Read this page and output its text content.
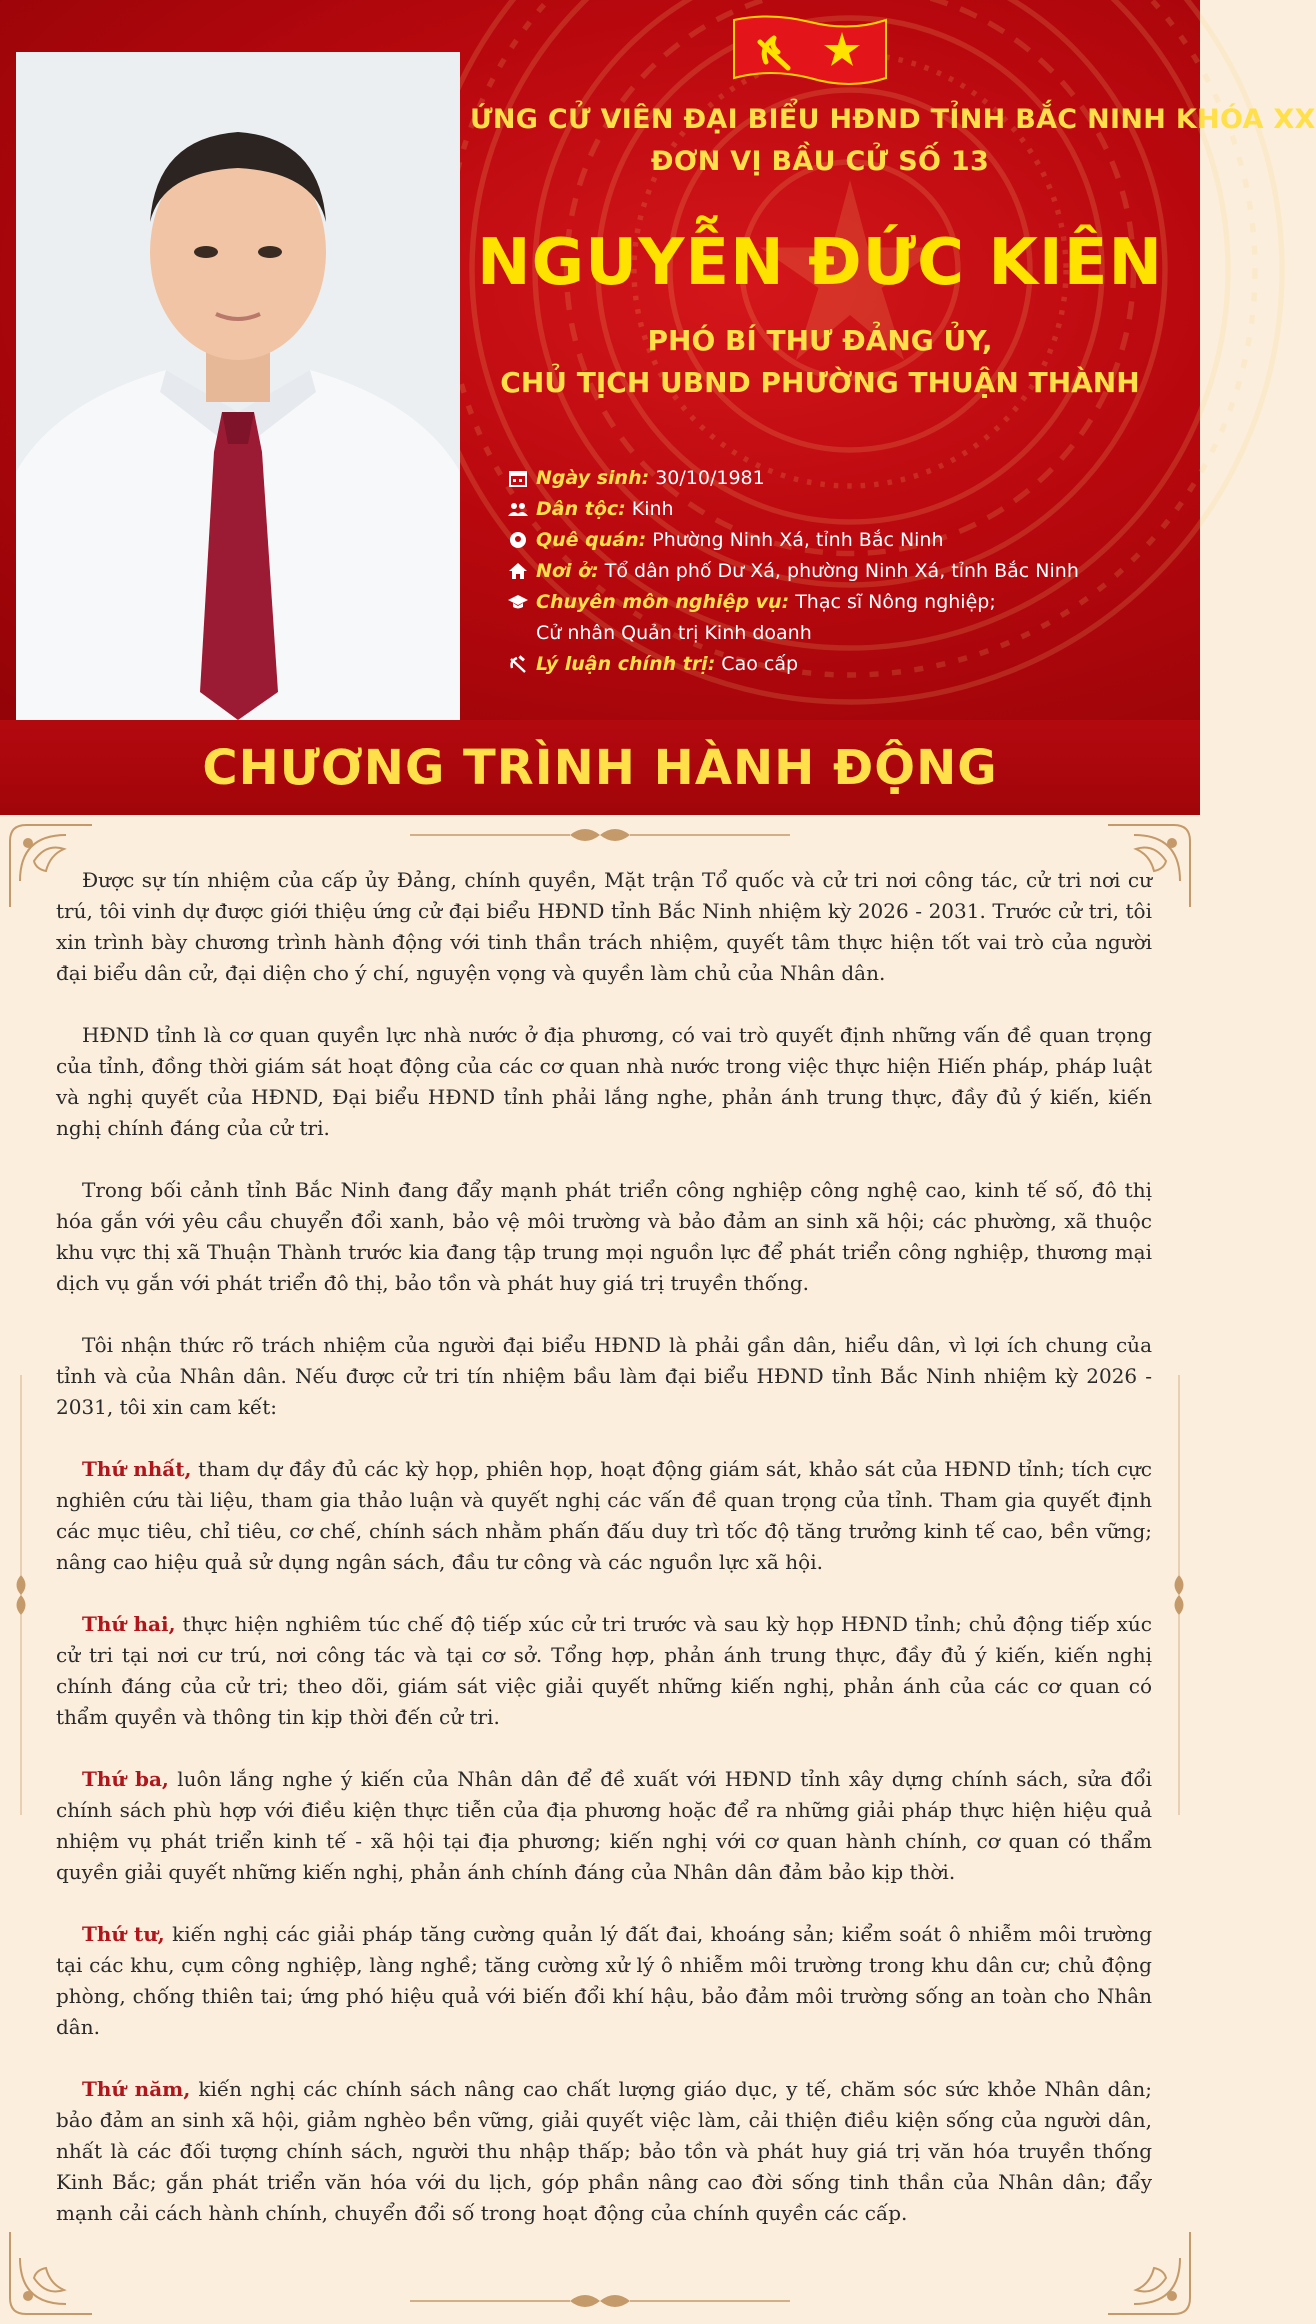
ỨNG CỬ VIÊN ĐẠI BIỂU HĐND TỈNH BẮC NINH KHÓA XX
ĐƠN VỊ BẦU CỬ SỐ 13
NGUYỄN ĐỨC KIÊN
PHÓ BÍ THƯ ĐẢNG ỦY,
CHỦ TỊCH UBND PHƯỜNG THUẬN THÀNH
Ngày sinh: 30/10/1981
Dân tộc: Kinh
Quê quán: Phường Ninh Xá, tỉnh Bắc Ninh
Nơi ở: Tổ dân phố Dư Xá, phường Ninh Xá, tỉnh Bắc Ninh
Chuyên môn nghiệp vụ: Thạc sĩ Nông nghiệp;
Cử nhân Quản trị Kinh doanh
Lý luận chính trị: Cao cấp
CHƯƠNG TRÌNH HÀNH ĐỘNG

Được sự tín nhiệm của cấp ủy Đảng, chính quyền, Mặt trận Tổ quốc và cử tri nơi công tác, cử tri nơi cư trú, tôi vinh dự được giới thiệu ứng cử đại biểu HĐND tỉnh Bắc Ninh nhiệm kỳ 2026 - 2031. Trước cử tri, tôi xin trình bày chương trình hành động với tinh thần trách nhiệm, quyết tâm thực hiện tốt vai trò của người đại biểu dân cử, đại diện cho ý chí, nguyện vọng và quyền làm chủ của Nhân dân.

HĐND tỉnh là cơ quan quyền lực nhà nước ở địa phương, có vai trò quyết định những vấn đề quan trọng của tỉnh, đồng thời giám sát hoạt động của các cơ quan nhà nước trong việc thực hiện Hiến pháp, pháp luật và nghị quyết của HĐND, Đại biểu HĐND tỉnh phải lắng nghe, phản ánh trung thực, đầy đủ ý kiến, kiến nghị chính đáng của cử tri.

Trong bối cảnh tỉnh Bắc Ninh đang đẩy mạnh phát triển công nghiệp công nghệ cao, kinh tế số, đô thị hóa gắn với yêu cầu chuyển đổi xanh, bảo vệ môi trường và bảo đảm an sinh xã hội; các phường, xã thuộc khu vực thị xã Thuận Thành trước kia đang tập trung mọi nguồn lực để phát triển công nghiệp, thương mại dịch vụ gắn với phát triển đô thị, bảo tồn và phát huy giá trị truyền thống.

Tôi nhận thức rõ trách nhiệm của người đại biểu HĐND là phải gần dân, hiểu dân, vì lợi ích chung của tỉnh và của Nhân dân. Nếu được cử tri tín nhiệm bầu làm đại biểu HĐND tỉnh Bắc Ninh nhiệm kỳ 2026 - 2031, tôi xin cam kết:

Thứ nhất, tham dự đầy đủ các kỳ họp, phiên họp, hoạt động giám sát, khảo sát của HĐND tỉnh; tích cực nghiên cứu tài liệu, tham gia thảo luận và quyết nghị các vấn đề quan trọng của tỉnh. Tham gia quyết định các mục tiêu, chỉ tiêu, cơ chế, chính sách nhằm phấn đấu duy trì tốc độ tăng trưởng kinh tế cao, bền vững; nâng cao hiệu quả sử dụng ngân sách, đầu tư công và các nguồn lực xã hội.

Thứ hai, thực hiện nghiêm túc chế độ tiếp xúc cử tri trước và sau kỳ họp HĐND tỉnh; chủ động tiếp xúc cử tri tại nơi cư trú, nơi công tác và tại cơ sở. Tổng hợp, phản ánh trung thực, đầy đủ ý kiến, kiến nghị chính đáng của cử tri; theo dõi, giám sát việc giải quyết những kiến nghị, phản ánh của các cơ quan có thẩm quyền và thông tin kịp thời đến cử tri.

Thứ ba, luôn lắng nghe ý kiến của Nhân dân để đề xuất với HĐND tỉnh xây dựng chính sách, sửa đổi chính sách phù hợp với điều kiện thực tiễn của địa phương hoặc để ra những giải pháp thực hiện hiệu quả nhiệm vụ phát triển kinh tế - xã hội tại địa phương; kiến nghị với cơ quan hành chính, cơ quan có thẩm quyền giải quyết những kiến nghị, phản ánh chính đáng của Nhân dân đảm bảo kịp thời.

Thứ tư, kiến nghị các giải pháp tăng cường quản lý đất đai, khoáng sản; kiểm soát ô nhiễm môi trường tại các khu, cụm công nghiệp, làng nghề; tăng cường xử lý ô nhiễm môi trường trong khu dân cư; chủ động phòng, chống thiên tai; ứng phó hiệu quả với biến đổi khí hậu, bảo đảm môi trường sống an toàn cho Nhân dân.

Thứ năm, kiến nghị các chính sách nâng cao chất lượng giáo dục, y tế, chăm sóc sức khỏe Nhân dân; bảo đảm an sinh xã hội, giảm nghèo bền vững, giải quyết việc làm, cải thiện điều kiện sống của người dân, nhất là các đối tượng chính sách, người thu nhập thấp; bảo tồn và phát huy giá trị văn hóa truyền thống Kinh Bắc; gắn phát triển văn hóa với du lịch, góp phần nâng cao đời sống tinh thần của Nhân dân; đẩy mạnh cải cách hành chính, chuyển đổi số trong hoạt động của chính quyền các cấp.
